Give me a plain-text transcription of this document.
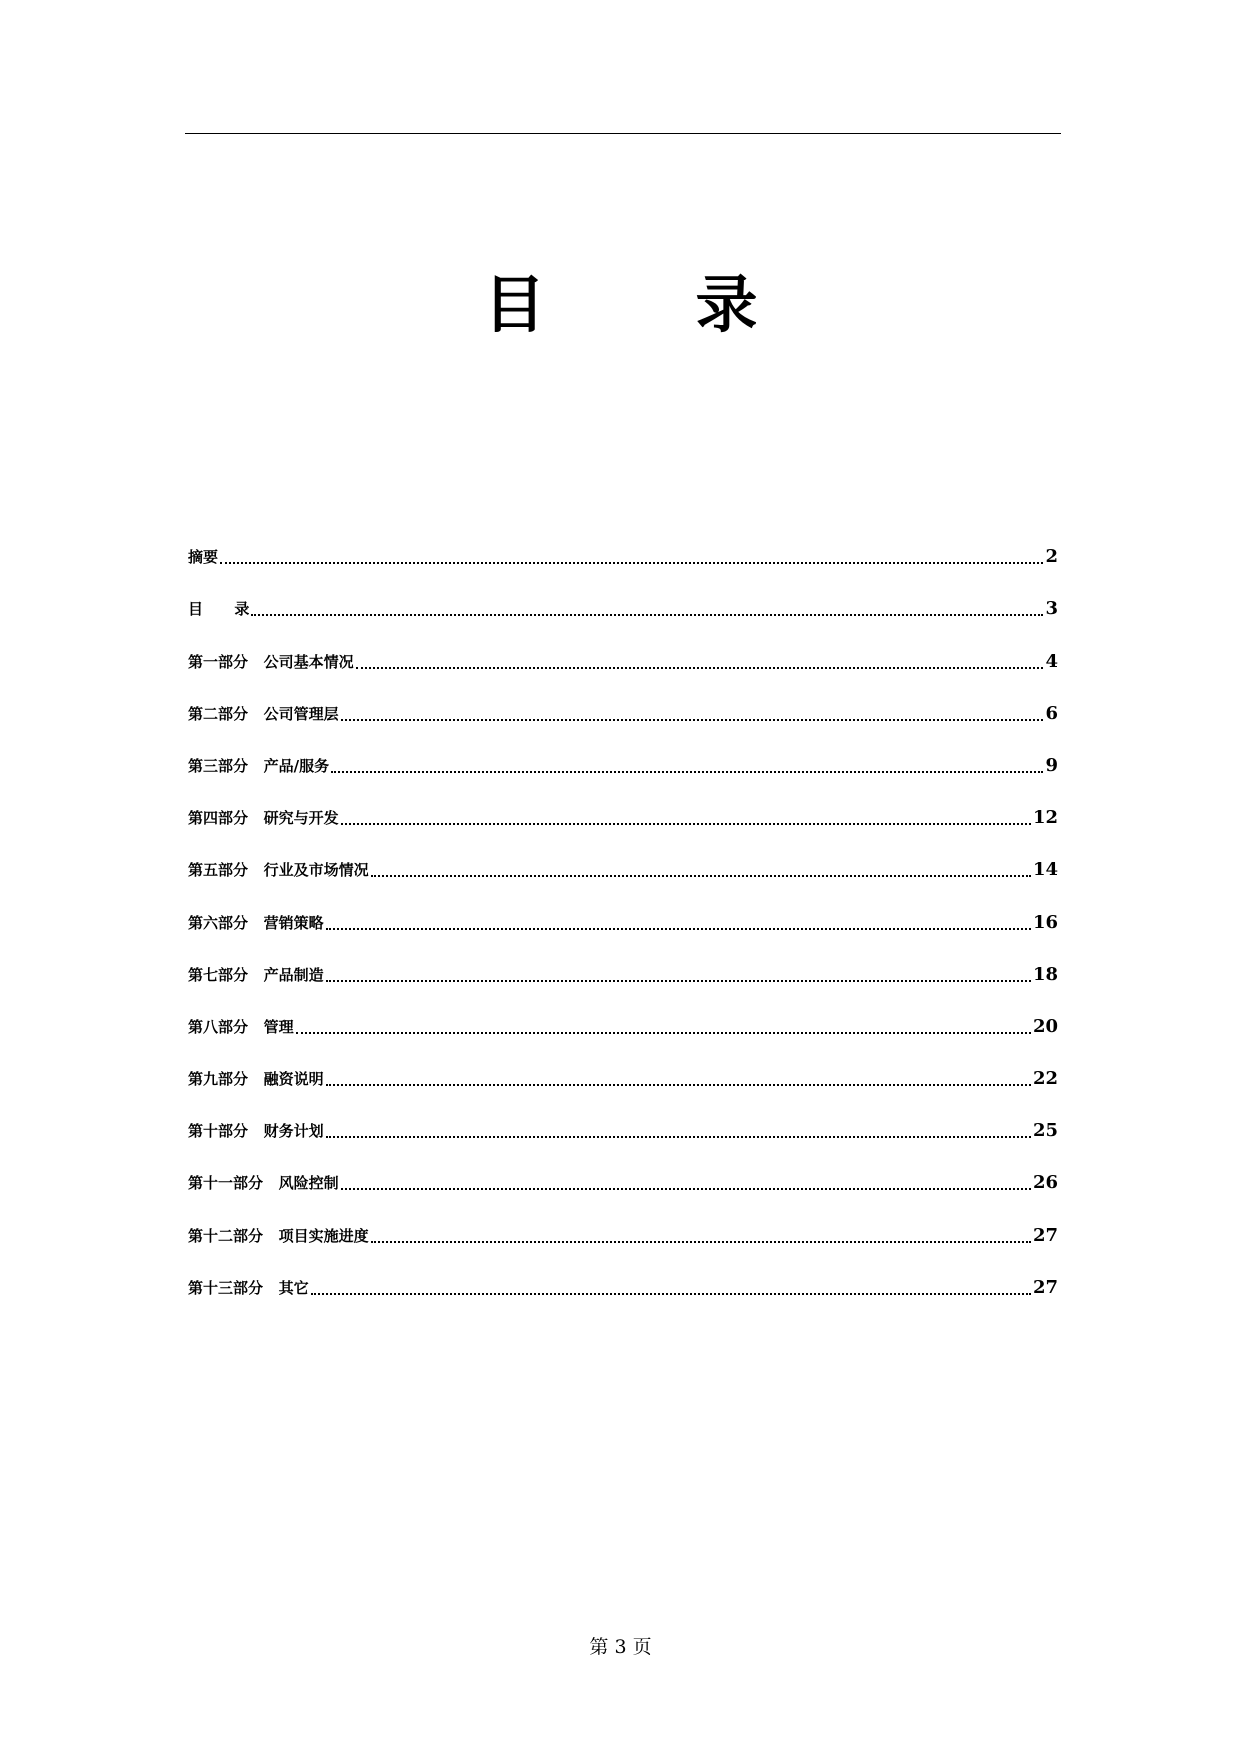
目 录
摘要	2
目      录	3
第一部分   公司基本情况	4
第二部分   公司管理层	6
第三部分   产品/服务	9
第四部分   研究与开发	12
第五部分   行业及市场情况	14
第六部分   营销策略	16
第七部分   产品制造	18
第八部分   管理	20
第九部分   融资说明	22
第十部分   财务计划	25
第十一部分   风险控制	26
第十二部分   项目实施进度	27
第十三部分   其它	27
第 3 页
